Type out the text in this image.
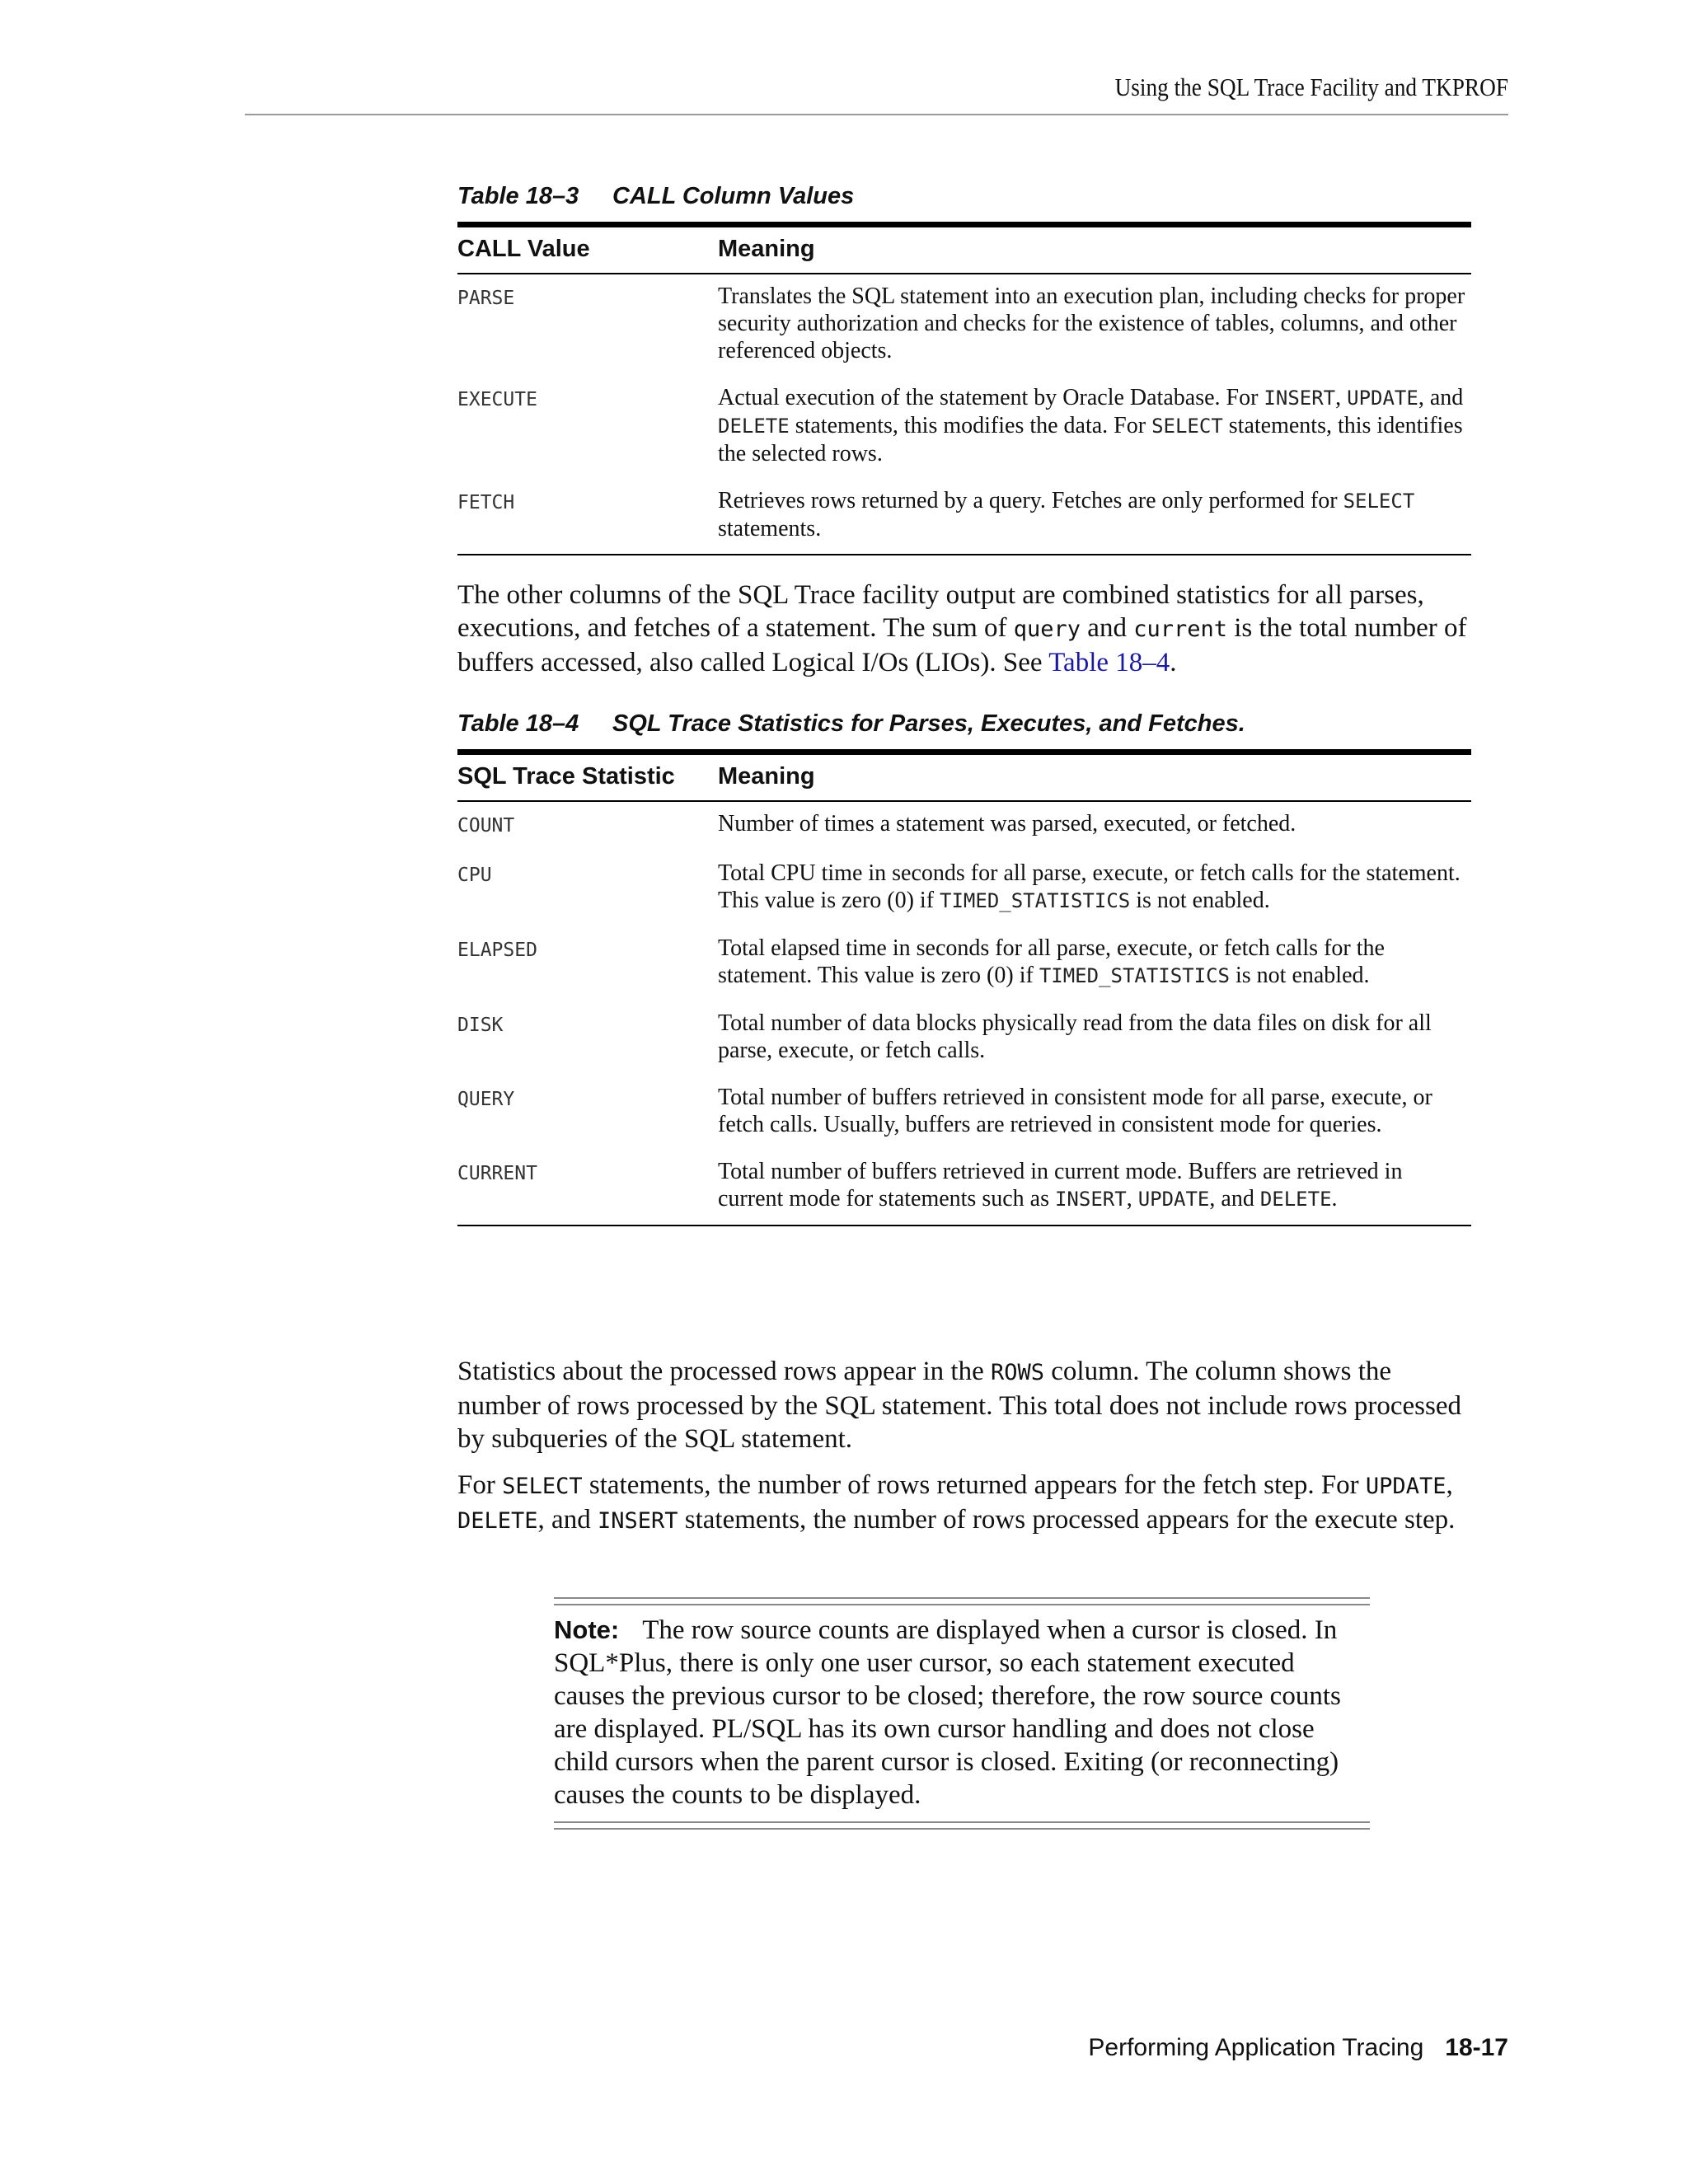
Using the SQL Trace Facility and TKPROF
Table 18–3 CALL Column Values
CALL Value	Meaning
PARSE	Translates the SQL statement into an execution plan, including checks for proper security authorization and checks for the existence of tables, columns, and other referenced objects.
EXECUTE	Actual execution of the statement by Oracle Database. For INSERT, UPDATE, and DELETE statements, this modifies the data. For SELECT statements, this identifies the selected rows.
FETCH	Retrieves rows returned by a query. Fetches are only performed for SELECT statements.
The other columns of the SQL Trace facility output are combined statistics for all parses, executions, and fetches of a statement. The sum of query and current is the total number of buffers accessed, also called Logical I/Os (LIOs). See Table 18–4.
Table 18–4 SQL Trace Statistics for Parses, Executes, and Fetches.
SQL Trace Statistic	Meaning
COUNT	Number of times a statement was parsed, executed, or fetched.
CPU	Total CPU time in seconds for all parse, execute, or fetch calls for the statement. This value is zero (0) if TIMED_STATISTICS is not enabled.
ELAPSED	Total elapsed time in seconds for all parse, execute, or fetch calls for the statement. This value is zero (0) if TIMED_STATISTICS is not enabled.
DISK	Total number of data blocks physically read from the data files on disk for all parse, execute, or fetch calls.
QUERY	Total number of buffers retrieved in consistent mode for all parse, execute, or fetch calls. Usually, buffers are retrieved in consistent mode for queries.
CURRENT	Total number of buffers retrieved in current mode. Buffers are retrieved in current mode for statements such as INSERT, UPDATE, and DELETE.
Statistics about the processed rows appear in the ROWS column. The column shows the number of rows processed by the SQL statement. This total does not include rows processed by subqueries of the SQL statement.
For SELECT statements, the number of rows returned appears for the fetch step. For UPDATE, DELETE, and INSERT statements, the number of rows processed appears for the execute step.
Note: The row source counts are displayed when a cursor is closed. In SQL*Plus, there is only one user cursor, so each statement executed causes the previous cursor to be closed; therefore, the row source counts are displayed. PL/SQL has its own cursor handling and does not close child cursors when the parent cursor is closed. Exiting (or reconnecting) causes the counts to be displayed.
Performing Application Tracing 18-17
